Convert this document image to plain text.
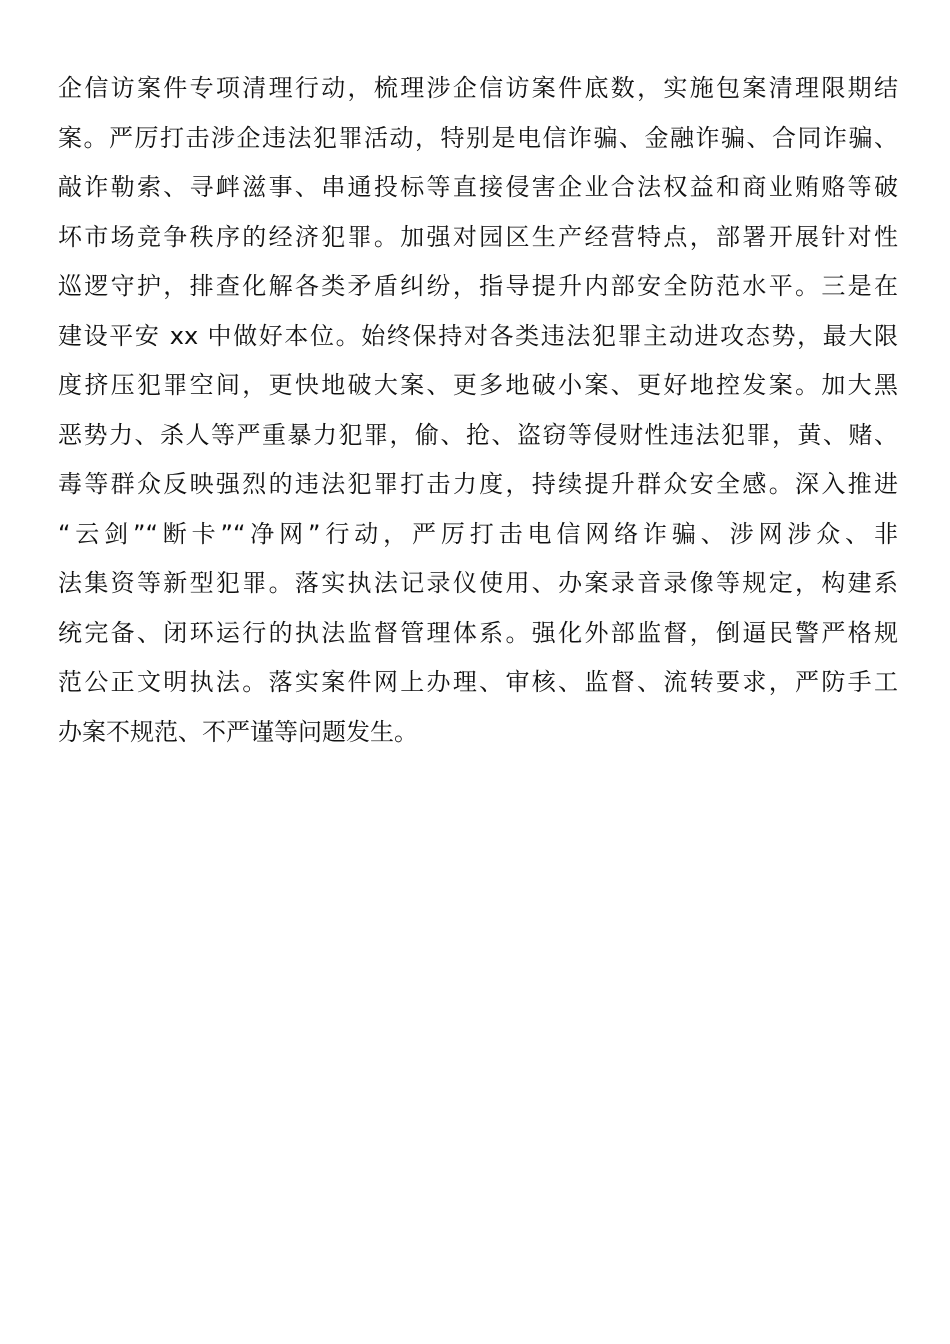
企信访案件专项清理行动，梳理涉企信访案件底数，实施包案清理限期结
案。严厉打击涉企违法犯罪活动，特别是电信诈骗、金融诈骗、合同诈骗、
敲诈勒索、寻衅滋事、串通投标等直接侵害企业合法权益和商业贿赂等破
坏市场竞争秩序的经济犯罪。加强对园区生产经营特点，部署开展针对性
巡逻守护，排查化解各类矛盾纠纷，指导提升内部安全防范水平。三是在
建设平安 xx 中做好本位。始终保持对各类违法犯罪主动进攻态势，最大限
度挤压犯罪空间，更快地破大案、更多地破小案、更好地控发案。加大黑
恶势力、杀人等严重暴力犯罪，偷、抢、盗窃等侵财性违法犯罪，黄、赌、
毒等群众反映强烈的违法犯罪打击力度，持续提升群众安全感。深入推进
“云剑”“断卡”“净网”行动，严厉打击电信网络诈骗、涉网涉众、非
法集资等新型犯罪。落实执法记录仪使用、办案录音录像等规定，构建系
统完备、闭环运行的执法监督管理体系。强化外部监督，倒逼民警严格规
范公正文明执法。落实案件网上办理、审核、监督、流转要求，严防手工
办案不规范、不严谨等问题发生。
